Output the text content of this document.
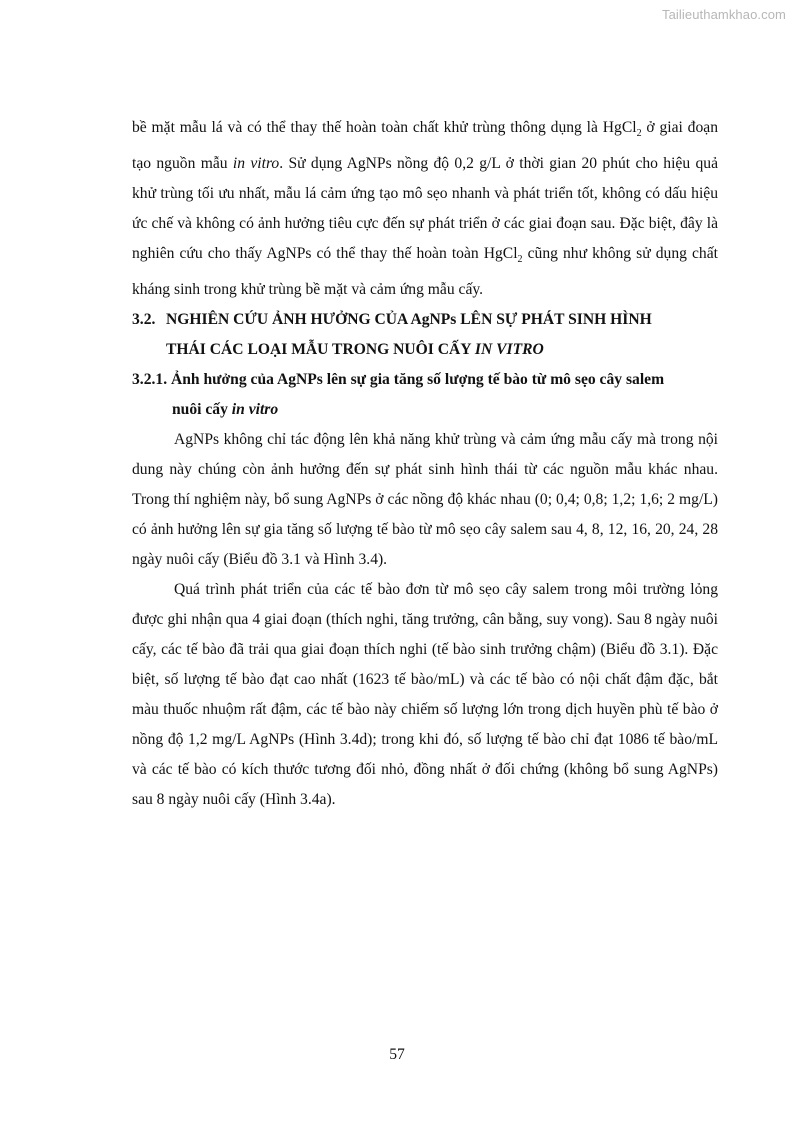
Tailieuthamkhao.com

bề mặt mẫu lá và có thể thay thế hoàn toàn chất khử trùng thông dụng là HgCl$_2$ ở giai đoạn tạo nguồn mẫu in vitro. Sử dụng AgNPs nồng độ 0,2 g/L ở thời gian 20 phút cho hiệu quả khử trùng tối ưu nhất, mẫu lá cảm ứng tạo mô sẹo nhanh và phát triển tốt, không có dấu hiệu ức chế và không có ảnh hưởng tiêu cực đến sự phát triển ở các giai đoạn sau. Đặc biệt, đây là nghiên cứu cho thấy AgNPs có thể thay thế hoàn toàn HgCl$_2$ cũng như không sử dụng chất kháng sinh trong khử trùng bề mặt và cảm ứng mẫu cấy.

3.2. NGHIÊN CỨU ẢNH HƯỞNG CỦA AgNPs LÊN SỰ PHÁT SINH HÌNH
THÁI CÁC LOẠI MẪU TRONG NUÔI CẤY IN VITRO
3.2.1. Ảnh hưởng của AgNPs lên sự gia tăng số lượng tế bào từ mô sẹo cây salem
nuôi cấy in vitro

AgNPs không chỉ tác động lên khả năng khử trùng và cảm ứng mẫu cấy mà trong nội dung này chúng còn ảnh hưởng đến sự phát sinh hình thái từ các nguồn mẫu khác nhau. Trong thí nghiệm này, bổ sung AgNPs ở các nồng độ khác nhau (0; 0,4; 0,8; 1,2; 1,6; 2 mg/L) có ảnh hưởng lên sự gia tăng số lượng tế bào từ mô sẹo cây salem sau 4, 8, 12, 16, 20, 24, 28 ngày nuôi cấy (Biểu đồ 3.1 và Hình 3.4).

Quá trình phát triển của các tế bào đơn từ mô sẹo cây salem trong môi trường lỏng được ghi nhận qua 4 giai đoạn (thích nghi, tăng trưởng, cân bằng, suy vong). Sau 8 ngày nuôi cấy, các tế bào đã trải qua giai đoạn thích nghi (tế bào sinh trưởng chậm) (Biểu đồ 3.1). Đặc biệt, số lượng tế bào đạt cao nhất (1623 tế bào/mL) và các tế bào có nội chất đậm đặc, bắt màu thuốc nhuộm rất đậm, các tế bào này chiếm số lượng lớn trong dịch huyền phù tế bào ở nồng độ 1,2 mg/L AgNPs (Hình 3.4d); trong khi đó, số lượng tế bào chỉ đạt 1086 tế bào/mL và các tế bào có kích thước tương đối nhỏ, đồng nhất ở đối chứng (không bổ sung AgNPs) sau 8 ngày nuôi cấy (Hình 3.4a).

57
